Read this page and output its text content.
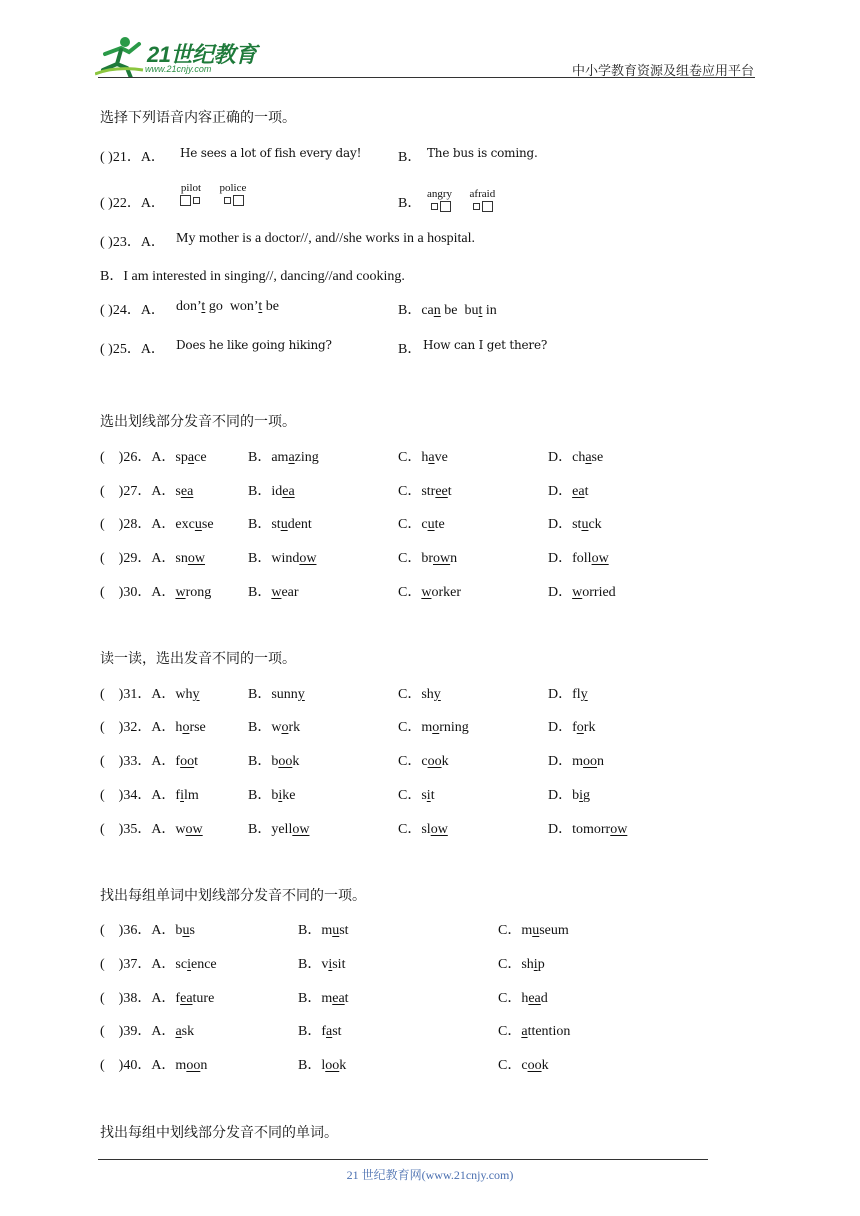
21世纪教育
www.21cnjy.com	中小学教育资源及组卷应用平台
选择下列语音内容正确的一项。
( )21．A． He sees a lot of fish every day!	B． The bus is coming.
( )22．A．
pilot police

B．
angry afraid

( )23．A． My mother is a doctor//, and//she works in a hospital.
B．I am interested in singing//, dancing//and cooking.
( )24．A． don’t go  won’t be	B．can be  but in
( )25．A． Does he like going hiking?	B． How can I get there?
选出划线部分发音不同的一项。
(    )26．A．space	B．amazing	C．have	D．chase
(    )27．A．sea	B．idea	C．street	D．eat
(    )28．A．excuse B．student	C．cute	D．stuck
(    )29．A．snow	B．window	C．brown	D．follow
(    )30．A．wrong	B．wear	C．worker	D．worried
读一读，选出发音不同的一项。
(    )31．A．why	B．sunny	C．shy	D．fly
(    )32．A．horse	B．work	C．morning	D．fork
(    )33．A．foot	B．book	C．cook	D．moon
(    )34．A．film	B．bike	C．sit	D．big
(    )35．A．wow	B．yellow	C．slow	D．tomorrow
找出每组单词中划线部分发音不同的一项。
(    )36．A．bus	B．must	C．museum
(    )37．A．science	B．visit	C．ship
(    )38．A．feature	B．meat	C．head
(    )39．A．ask	B．fast	C．attention
(    )40．A．moon	B．look	C．cook
找出每组中划线部分发音不同的单词。
21 世纪教育网(www.21cnjy.com)
